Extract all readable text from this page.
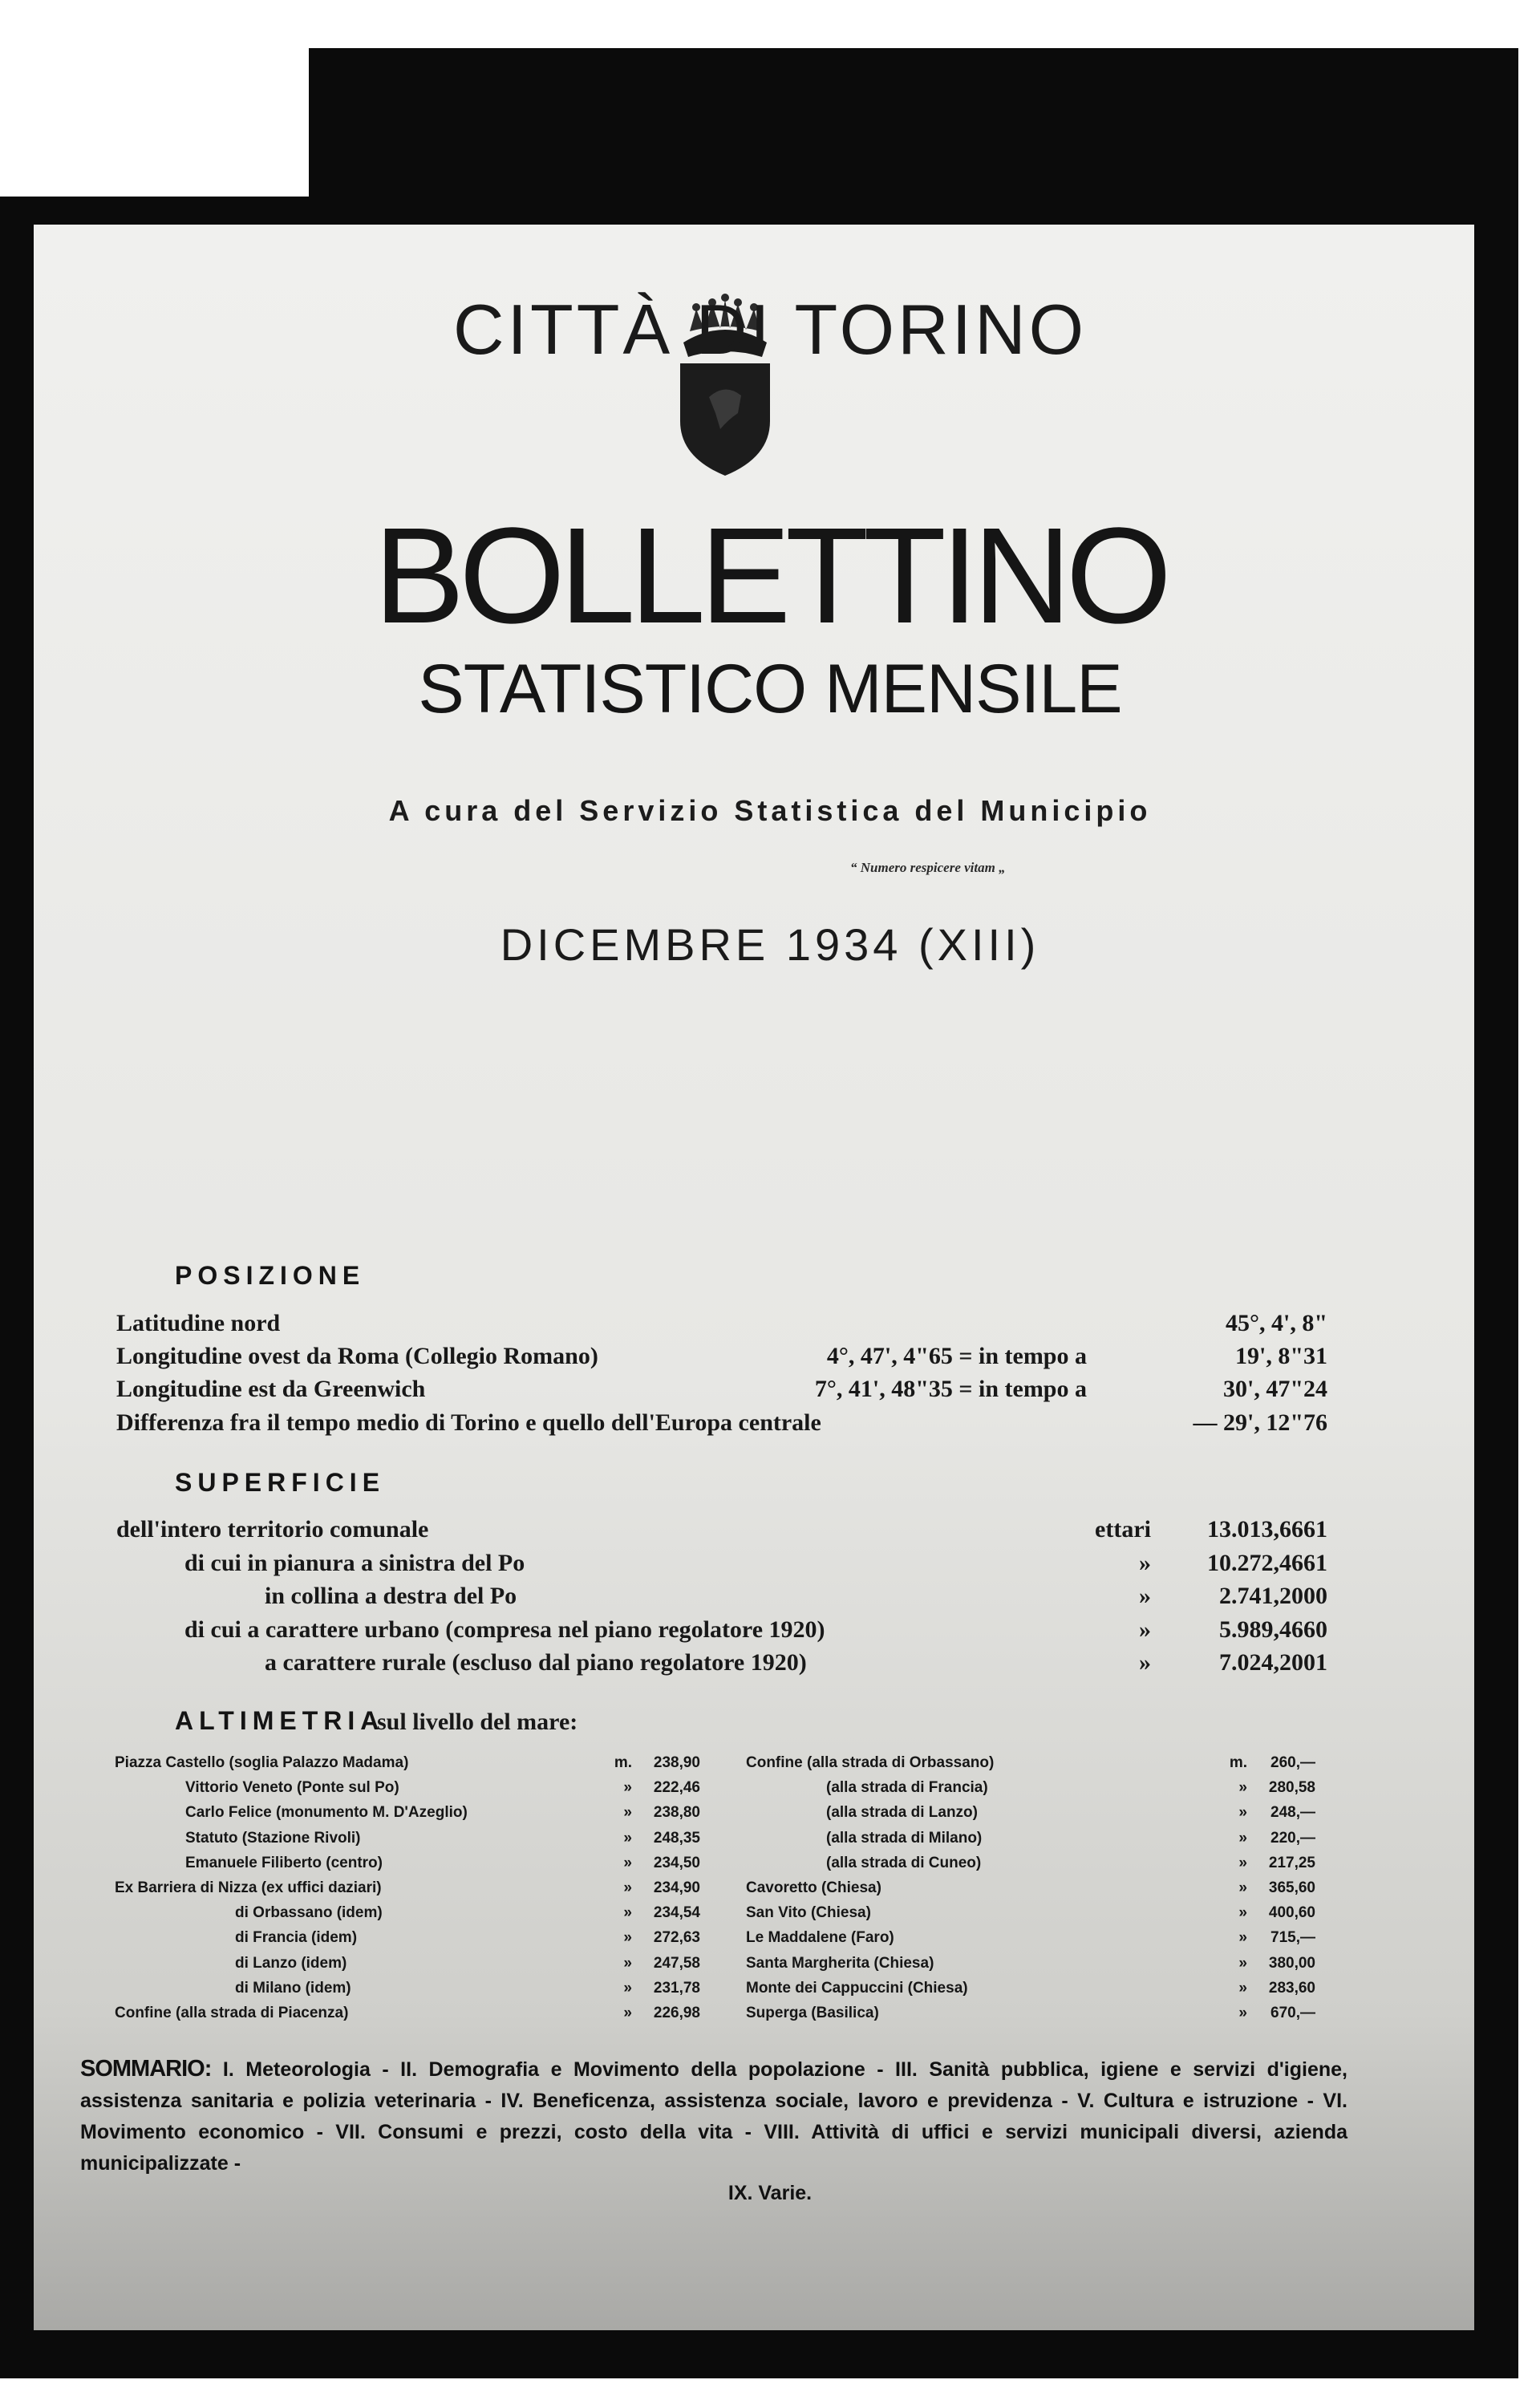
CITTÀ DI TORINO
BOLLETTINO
STATISTICO MENSILE
A cura del Servizio Statistica del Municipio
“ Numero respicere vitam „
DICEMBRE 1934 (XIII)
POSIZIONE
Latitudine nord	45°, 4', 8"
Longitudine ovest da Roma (Collegio Romano)	4°, 47', 4"65 = in tempo a	19', 8"31
Longitudine est da Greenwich	7°, 41', 48"35 = in tempo a	30', 47"24
Differenza fra il tempo medio di Torino e quello dell'Europa centrale	— 29', 12"76
SUPERFICIE
dell'intero territorio comunale	ettari 13.013,6661
di cui in pianura a sinistra del Po	» 10.272,4661
in collina a destra del Po	»	2.741,2000
di cui a carattere urbano (compresa nel piano regolatore 1920)	»	5.989,4660
a carattere rurale (escluso dal piano regolatore 1920)	»	7.024,2001
ALTIMETRIA
sul livello del mare:
Piazza Castello (soglia Palazzo Madama)	m. 238,90
Vittorio Veneto (Ponte sul Po)	» 222,46
Carlo Felice (monumento M. D'Azeglio)	» 238,80
Statuto (Stazione Rivoli)	» 248,35
Emanuele Filiberto (centro)	» 234,50
Ex Barriera di Nizza (ex uffici daziari)	» 234,90
di Orbassano (idem)	» 234,54
di Francia (idem)	» 272,63
di Lanzo (idem)	» 247,58
di Milano (idem)	» 231,78
Confine (alla strada di Piacenza)	» 226,98
Confine (alla strada di Orbassano)	m. 260,—
(alla strada di Francia)	» 280,58
(alla strada di Lanzo)	» 248,—
(alla strada di Milano)	» 220,—
(alla strada di Cuneo)	» 217,25
Cavoretto (Chiesa)	» 365,60
San Vito (Chiesa)	» 400,60
Le Maddalene (Faro)	» 715,—
Santa Margherita (Chiesa)	» 380,00
Monte dei Cappuccini (Chiesa)	» 283,60
Superga (Basilica)	» 670,—
SOMMARIO: I. Meteorologia - II. Demografia e Movimento della popolazione - III. Sanità pubblica, igiene e servizi d'igiene, assistenza sanitaria e polizia veterinaria - IV. Beneficenza, assistenza sociale, lavoro e previdenza - V. Cultura e istruzione - VI. Movimento economico - VII. Consumi e prezzi, costo della vita - VIII. Attività di uffici e servizi municipali diversi, azienda municipalizzate -
IX. Varie.
